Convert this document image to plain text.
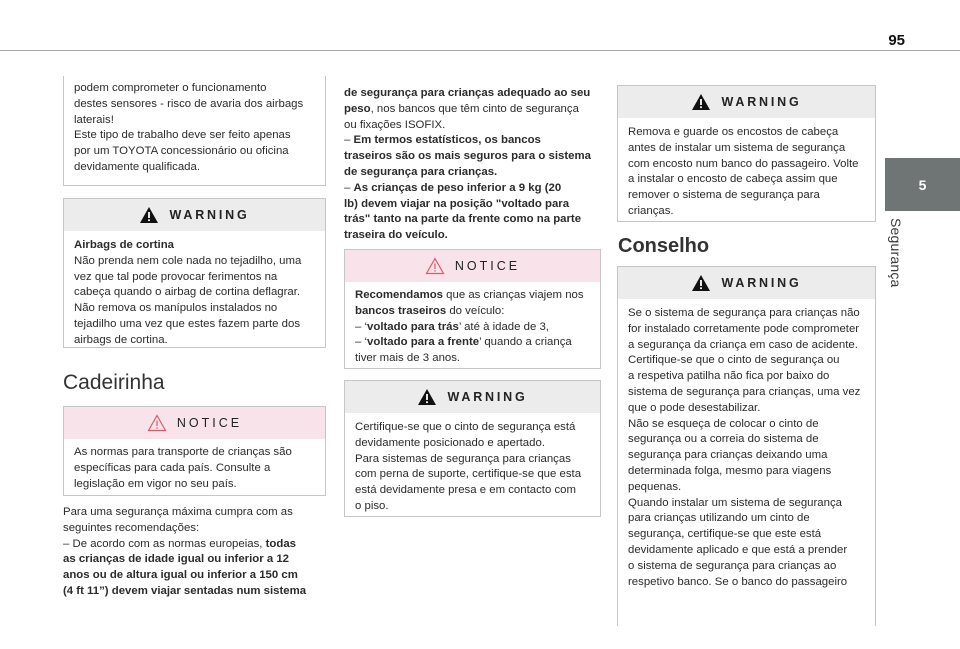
95
5
Segurança

podem comprometer o funcionamento

destes sensores - risco de avaria dos airbags

laterais!

Este tipo de trabalho deve ser feito apenas

por um TOYOTA concessionário ou oficina

devidamente qualificada.

WARNING

Airbags de cortina

Não prenda nem cole nada no tejadilho, uma

vez que tal pode provocar ferimentos na

cabeça quando o airbag de cortina deflagrar.

Não remova os manípulos instalados no

tejadilho uma vez que estes fazem parte dos

airbags de cortina.

Cadeirinha
NOTICE

As normas para transporte de crianças são

específicas para cada país. Consulte a

legislação em vigor no seu país.

Para uma segurança máxima cumpra com as

seguintes recomendações:

– De acordo com as normas europeias, todas

as crianças de idade igual ou inferior a 12

anos ou de altura igual ou inferior a 150 cm

(4 ft 11”) devem viajar sentadas num sistema

de segurança para crianças adequado ao seu

peso, nos bancos que têm cinto de segurança

ou fixações ISOFIX.

– Em termos estatísticos, os bancos

traseiros são os mais seguros para o sistema

de segurança para crianças.

– As crianças de peso inferior a 9 kg (20

lb) devem viajar na posição "voltado para

trás" tanto na parte da frente como na parte

traseira do veículo.

NOTICE

Recomendamos que as crianças viajem nos

bancos traseiros do veículo:

– ‘voltado para trás’ até à idade de 3,

– ‘voltado para a frente’ quando a criança

tiver mais de 3 anos.

WARNING

Certifique-se que o cinto de segurança está

devidamente posicionado e apertado.

Para sistemas de segurança para crianças

com perna de suporte, certifique-se que esta

está devidamente presa e em contacto com

o piso.

WARNING

Remova e guarde os encostos de cabeça

antes de instalar um sistema de segurança

com encosto num banco do passageiro. Volte

a instalar o encosto de cabeça assim que

remover o sistema de segurança para

crianças.

Conselho
WARNING

Se o sistema de segurança para crianças não

for instalado corretamente pode comprometer

a segurança da criança em caso de acidente.

Certifique-se que o cinto de segurança ou

a respetiva patilha não fica por baixo do

sistema de segurança para crianças, uma vez

que o pode desestabilizar.

Não se esqueça de colocar o cinto de

segurança ou a correia do sistema de

segurança para crianças deixando uma

determinada folga, mesmo para viagens

pequenas.

Quando instalar um sistema de segurança

para crianças utilizando um cinto de

segurança, certifique-se que este está

devidamente aplicado e que está a prender

o sistema de segurança para crianças ao

respetivo banco. Se o banco do passageiro
